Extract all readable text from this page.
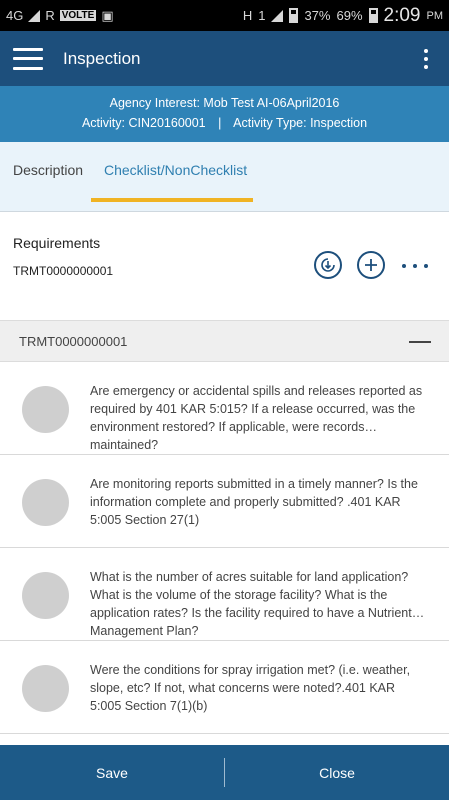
4G R VOLTE ▣	H 1	37% 69% 2:09 PM
Inspection
Agency Interest: Mob Test AI-06April2016
Activity: CIN20160001 | Activity Type: Inspection
Description Checklist/NonChecklist
Requirements
TRMT0000000001
TRMT0000000001
Are emergency or accidental spills and releases reported as required by 401 KAR 5:015? If a release occurred, was the environment restored? If applicable, were records maintained?
Are monitoring reports submitted in a timely manner? Is the information complete and properly submitted? .401 KAR 5:005 Section 27(1)
What is the number of acres suitable for land application? What is the volume of the storage facility? What is the application rates? Is the facility required to have a Nutrient Management Plan?
Were the conditions for spray irrigation met? (i.e. weather, slope, etc? If not, what concerns were noted?.401 KAR 5:005 Section 7(1)(b)
Save	Close
